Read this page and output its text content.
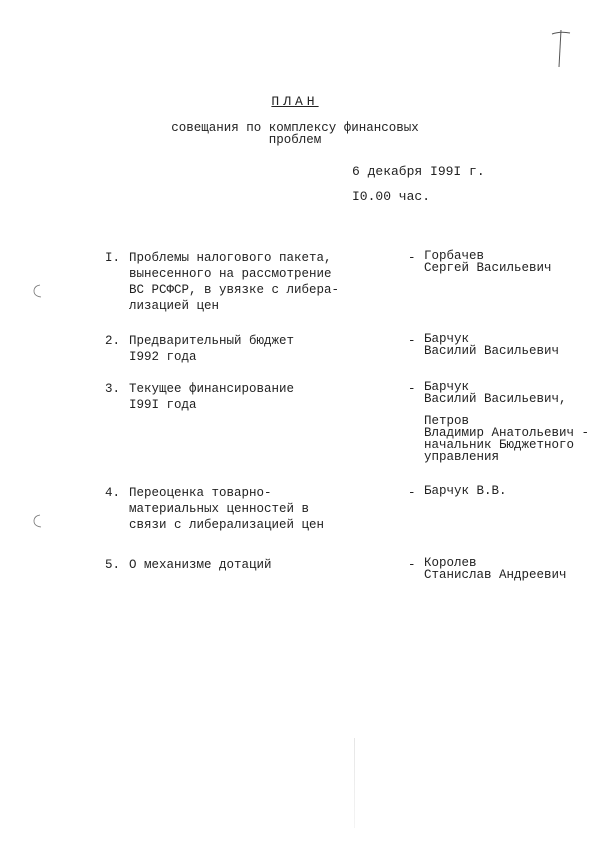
ПЛАН
совещания по комплексу финансовых
проблем
6 декабря I99I г.
I0.00 час.
I. Проблемы налогового пакета,
вынесенного на рассмотрение
ВС РСФСР, в увязке с либера-
лизацией цен
- Горбачев
Сергей Васильевич
2. Предварительный бюджет
I992 года
- Барчук
Василий Васильевич
3. Текущее финансирование
I99I года
- Барчук
Василий Васильевич,
Петров
Владимир Анатольевич -
начальник Бюджетного
управления
4. Переоценка товарно-
материальных ценностей в
связи с либерализацией цен
- Барчук В.В.
5. О механизме дотаций	- Королев
Станислав Андреевич
